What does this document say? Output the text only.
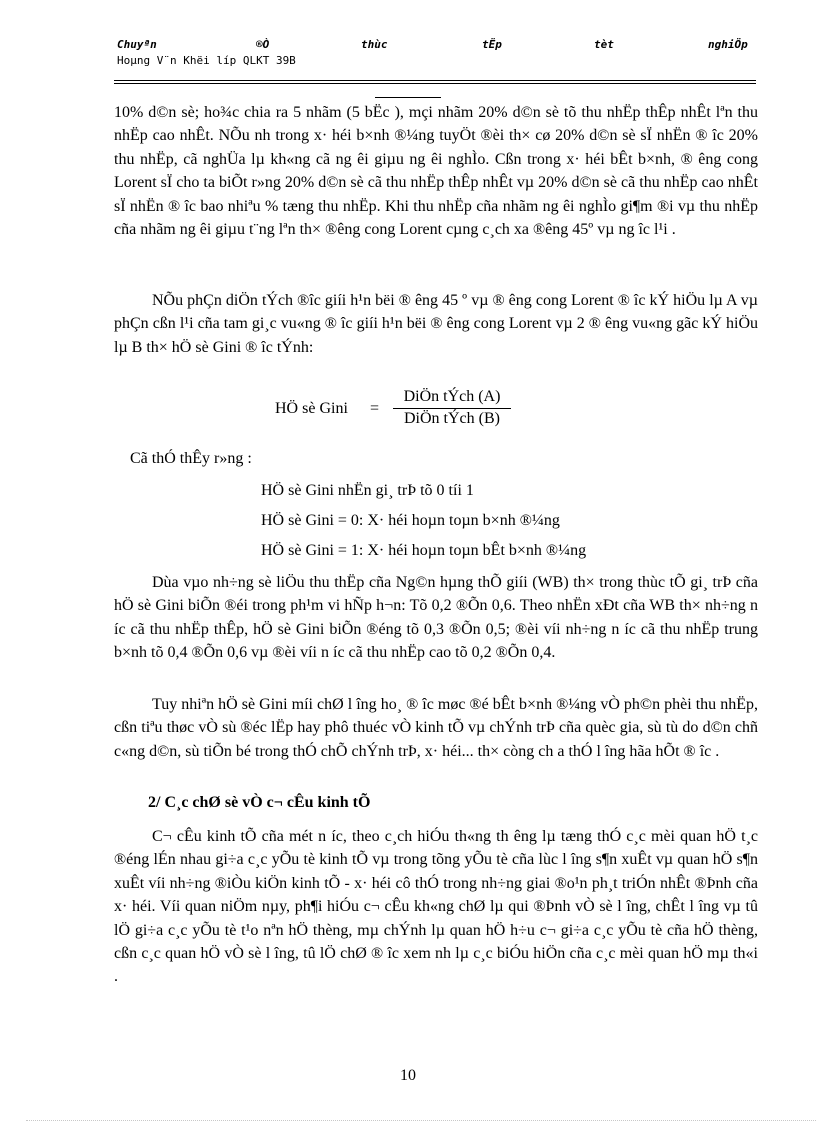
Chuyªn	®Ò	thùc	tËp	tèt	nghiÖp
Hoµng V¨n Khëi líp QLKT 39B

10% d©n sè; ho¾c chia ra 5 nhãm (5 bËc ), mçi nhãm 20% d©n sè tõ thu nhËp thÊp nhÊt lªn thu nhËp cao nhÊt. NÕu nh trong x· héi b×nh ®¼ng tuyÖt ®èi th× cø 20% d©n sè sÏ nhËn ® îc 20% thu nhËp, cã nghÜa lµ kh«ng cã ng êi giµu ng êi nghÌo. Cßn trong x· héi bÊt b×nh, ® êng cong Lorent sÏ cho ta biÕt r»ng 20% d©n sè cã thu nhËp thÊp nhÊt vµ 20% d©n sè cã thu nhËp cao nhÊt sÏ nhËn ® îc bao nhiªu % tæng thu nhËp. Khi thu nhËp cña nhãm ng êi nghÌo gi¶m ®i vµ thu nhËp cña nhãm ng êi giµu t¨ng lªn th× ®êng cong Lorent cµng c¸ch xa ®êng 45º vµ ng îc l¹i .

NÕu phÇn diÖn tÝch ®îc giíi h¹n bëi ® êng 45 º vµ ® êng cong Lorent ® îc kÝ hiÖu lµ A vµ phÇn cßn l¹i cña tam gi¸c vu«ng ® îc giíi h¹n bëi ® êng cong Lorent vµ 2 ® êng vu«ng gãc kÝ hiÖu lµ B th× hÖ sè Gini ® îc tÝnh:

HÖ sè Gini =
DiÖn tÝch (A)
DiÖn tÝch (B)
Cã thÓ thÊy r»ng :
HÖ sè Gini nhËn gi¸ trÞ tõ 0 tíi 1
HÖ sè Gini = 0: X· héi hoµn toµn b×nh ®¼ng
HÖ sè Gini = 1: X· héi hoµn toµn bÊt b×nh ®¼ng

Dùa vµo nh÷ng sè liÖu thu thËp cña Ng©n hµng thÕ giíi (WB) th× trong thùc tÕ gi¸ trÞ cña hÖ sè Gini biÕn ®éi trong ph¹m vi hÑp h¬n: Tõ 0,2 ®Õn 0,6. Theo nhËn xÐt cña WB th× nh÷ng n íc cã thu nhËp thÊp, hÖ sè Gini biÕn ®éng tõ 0,3 ®Õn 0,5; ®èi víi nh÷ng n íc cã thu nhËp trung b×nh tõ 0,4 ®Õn 0,6 vµ ®èi víi n íc cã thu nhËp cao tõ 0,2 ®Õn 0,4.

Tuy nhiªn hÖ sè Gini míi chØ l îng ho¸ ® îc møc ®é bÊt b×nh ®¼ng vÒ ph©n phèi thu nhËp, cßn tiªu thøc vÒ sù ®éc lËp hay phô thuéc vÒ kinh tÕ vµ chÝnh trÞ cña quèc gia, sù tù do d©n chñ c«ng d©n, sù tiÕn bé trong thÓ chÕ chÝnh trÞ, x· héi... th× còng ch a thÓ l îng hãa hÕt ® îc .

2/ C¸c chØ sè vÒ c¬ cÊu kinh tÕ

C¬ cÊu kinh tÕ cña mét n íc, theo c¸ch hiÓu th«ng th êng lµ tæng thÓ c¸c mèi quan hÖ t¸c ®éng lÉn nhau gi÷a c¸c yÕu tè kinh tÕ vµ trong tõng yÕu tè cña lùc l îng s¶n xuÊt vµ quan hÖ s¶n xuÊt víi nh÷ng ®iÒu kiÖn kinh tÕ - x· héi cô thÓ trong nh÷ng giai ®o¹n ph¸t triÓn nhÊt ®Þnh cña x· héi. Víi quan niÖm nµy, ph¶i hiÓu c¬ cÊu kh«ng chØ lµ qui ®Þnh vÒ sè l îng, chÊt l îng vµ tû lÖ gi÷a c¸c yÕu tè t¹o nªn hÖ thèng, mµ chÝnh lµ quan hÖ h÷u c¬ gi÷a c¸c yÕu tè cña hÖ thèng, cßn c¸c quan hÖ vÒ sè l îng, tû lÖ chØ ® îc xem nh lµ c¸c biÓu hiÖn cña c¸c mèi quan hÖ mµ th«i .

10
